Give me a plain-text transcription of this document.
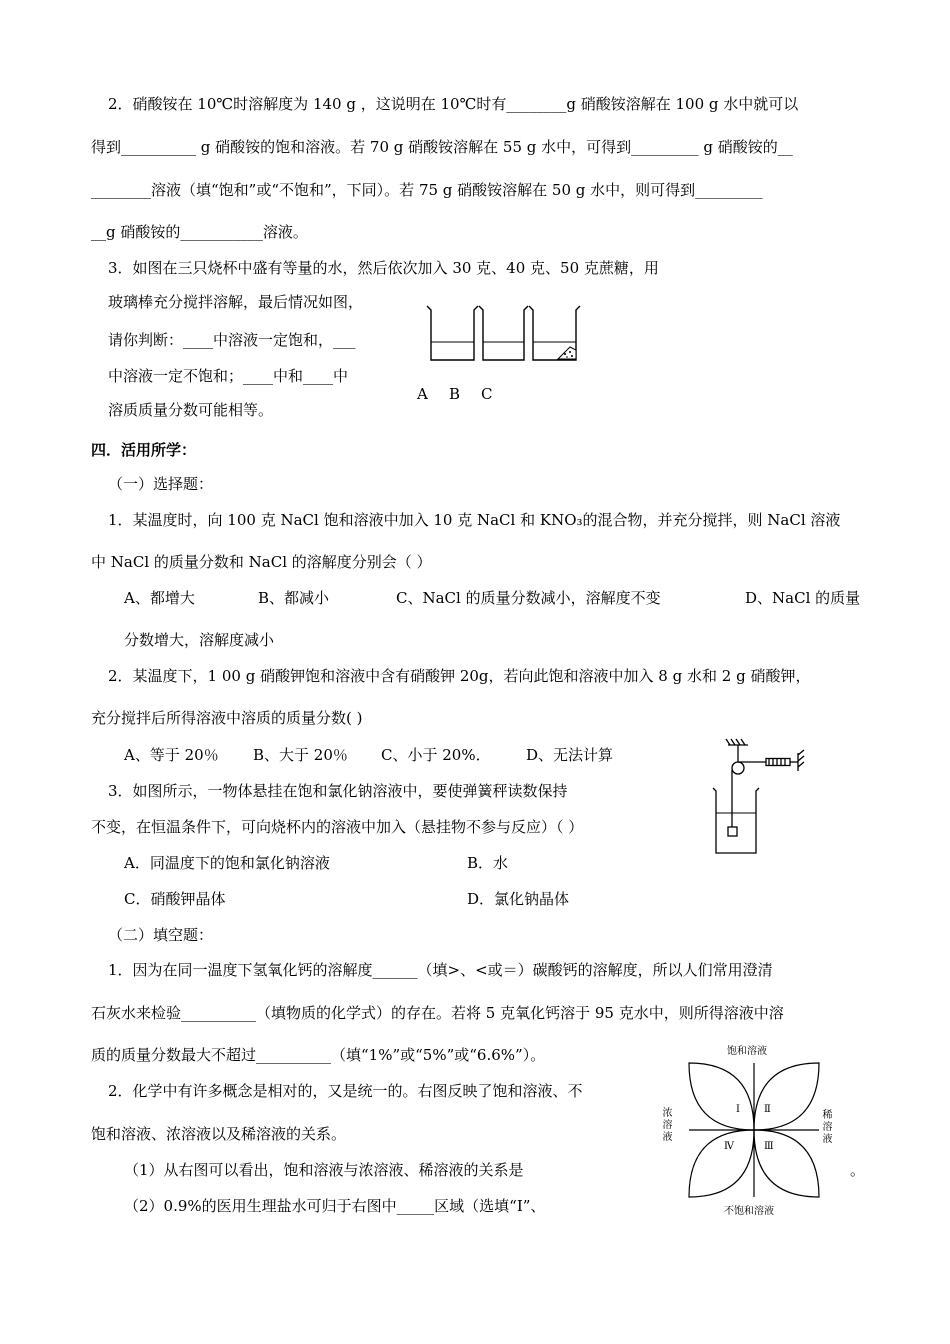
2．硝酸铵在 10℃时溶解度为 140 g ，这说明在 10℃时有________g 硝酸铵溶解在 100 g 水中就可以
得到__________ g 硝酸铵的饱和溶液。若 70 g 硝酸铵溶解在 55 g 水中，可得到_________ g 硝酸铵的__
________溶液（填“饱和”或“不饱和”，下同）。若 75 g 硝酸铵溶解在 50 g 水中，则可得到_________
__g 硝酸铵的___________溶液。
3．如图在三只烧杯中盛有等量的水，然后依次加入 30 克、40 克、50 克蔗糖，用
玻璃棒充分搅拌溶解，最后情况如图，
请你判断：____中溶液一定饱和，___
中溶液一定不饱和；____中和____中
溶质质量分数可能相等。
A B C
四．活用所学：
（一）选择题：
1．某温度时，向 100 克 NaCl 饱和溶液中加入 10 克 NaCl 和 KNO₃的混合物，并充分搅拌，则 NaCl 溶液
中 NaCl 的质量分数和 NaCl 的溶解度分别会（ ）
A、都增大	B、都减小	C、NaCl 的质量分数减小，溶解度不变	D、NaCl 的质量
分数增大，溶解度减小
2．某温度下，1 00 g 硝酸钾饱和溶液中含有硝酸钾 20g，若向此饱和溶液中加入 8 g 水和 2 g 硝酸钾，
充分搅拌后所得溶液中溶质的质量分数( )
A、等于 20％ B、大于 20％ C、小于 20%． D、无法计算
3．如图所示，一物体悬挂在饱和氯化钠溶液中，要使弹簧秤读数保持
不变，在恒温条件下，可向烧杯内的溶液中加入（悬挂物不参与反应）（ ）
A．同温度下的饱和氯化钠溶液	B．水
C．硝酸钾晶体	D．氯化钠晶体
（二）填空题：
1．因为在同一温度下氢氧化钙的溶解度______（填>、<或＝）碳酸钙的溶解度，所以人们常用澄清
石灰水来检验__________（填物质的化学式）的存在。若将 5 克氧化钙溶于 95 克水中，则所得溶液中溶
质的质量分数最大不超过__________（填“1%”或“5%”或“6.6%”）。
2．化学中有许多概念是相对的，又是统一的。右图反映了饱和溶液、不
饱和溶液、浓溶液以及稀溶液的关系。
（1）从右图可以看出，饱和溶液与浓溶液、稀溶液的关系是	。
（2）0.9%的医用生理盐水可归于右图中_____区域（选填“Ⅰ”、
饱和溶液
不饱和溶液
浓溶液
稀溶液
Ⅰ Ⅱ
Ⅲ
Ⅳ
